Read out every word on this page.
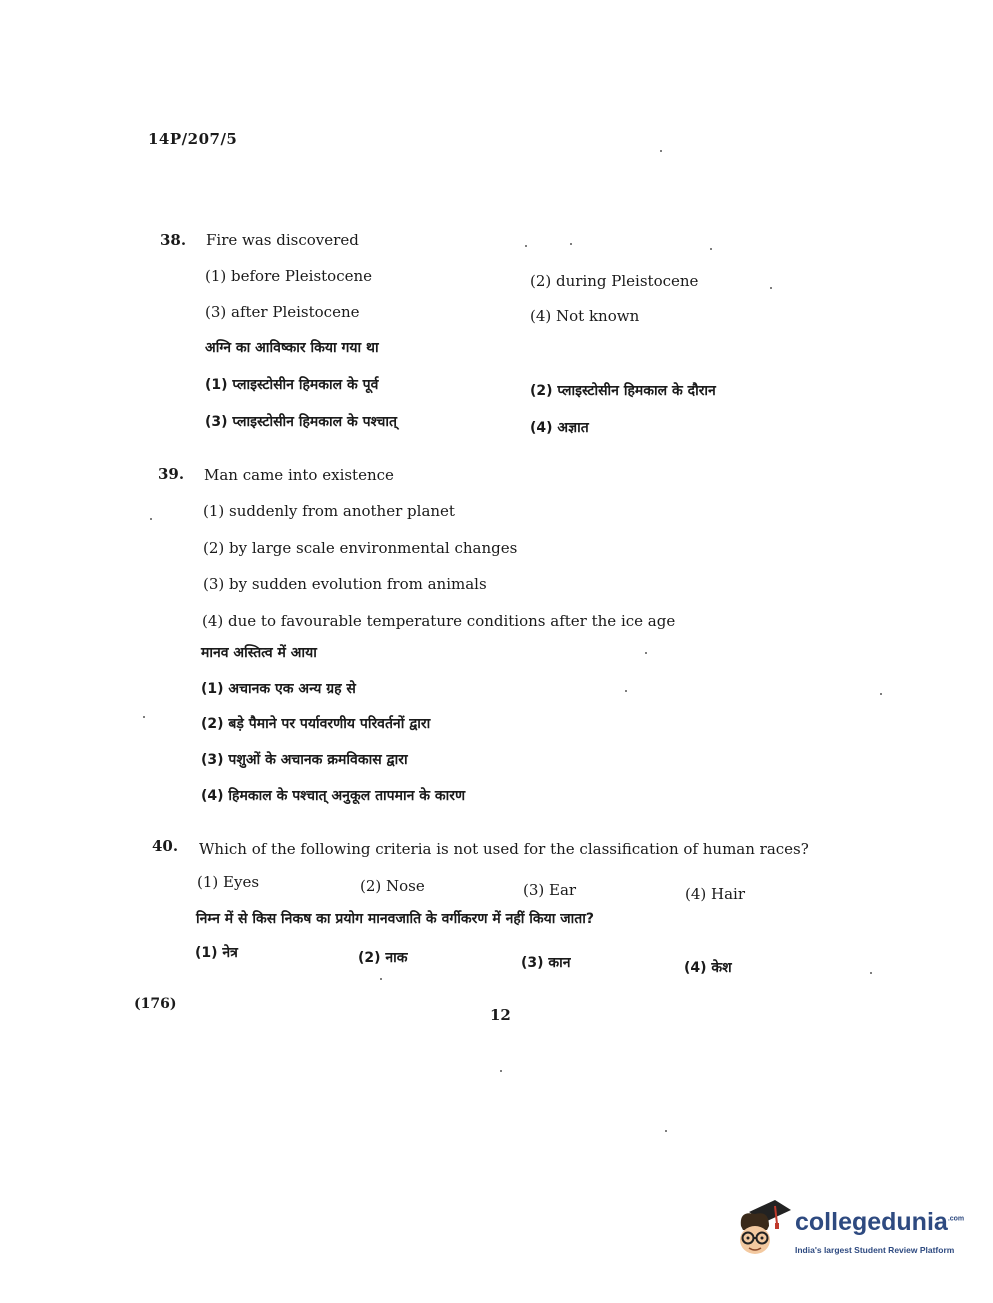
14P/207/5
38. Fire was discovered
(1) before Pleistocene	(2) during Pleistocene
(3) after Pleistocene	(4) Not known
अग्नि का आविष्कार किया गया था
(1) प्लाइस्टोसीन हिमकाल के पूर्व	(2) प्लाइस्टोसीन हिमकाल के दौरान
(3) प्लाइस्टोसीन हिमकाल के पश्चात्	(4) अज्ञात
39. Man came into existence
(1) suddenly from another planet
(2) by large scale environmental changes
(3) by sudden evolution from animals
(4) due to favourable temperature conditions after the ice age
मानव अस्तित्व में आया
(1) अचानक एक अन्य ग्रह से
(2) बड़े पैमाने पर पर्यावरणीय परिवर्तनों द्वारा
(3) पशुओं के अचानक क्रमविकास द्वारा
(4) हिमकाल के पश्चात् अनुकूल तापमान के कारण
40. Which of the following criteria is not used for the classification of human races?
(1) Eyes	(2) Nose	(3) Ear	(4) Hair
निम्न में से किस निकष का प्रयोग मानवजाति के वर्गीकरण में नहीं किया जाता?
(1) नेत्र	(2) नाक	(3) कान	(4) केश
(176)
12
collegedunia$^{.com}$
India's largest Student Review Platform
